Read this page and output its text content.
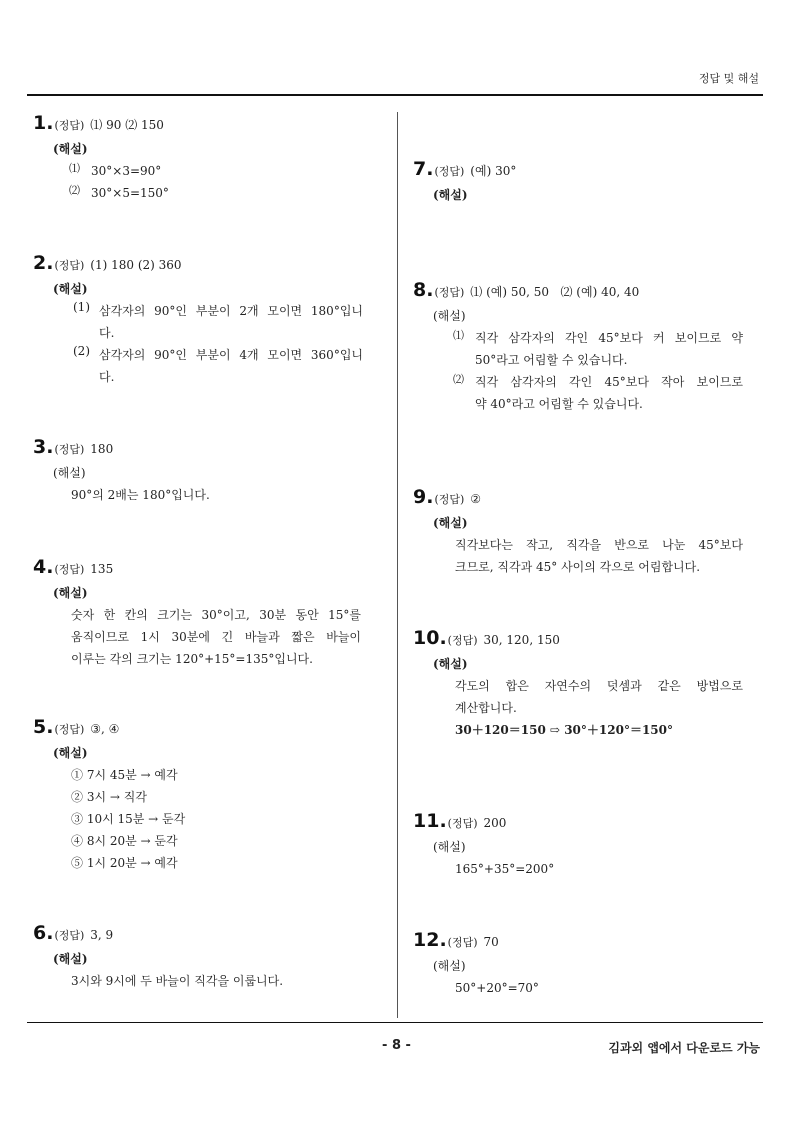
정답 및 해설
1. (정답) ⑴ 90 ⑵ 150
(해설)
⑴ 30°×3=90°
⑵ 30°×5=150°
2. (정답) (1) 180 (2) 360
(해설)
(1) 삼각자의 90°인 부분이 2개 모이면 180°입니
다.
(2) 삼각자의 90°인 부분이 4개 모이면 360°입니
다.
3. (정답) 180
(해설)
90°의 2배는 180°입니다.
4. (정답) 135
(해설)
숫자 한 칸의 크기는 30°이고, 30분 동안 15°를
움직이므로 1시 30분에 긴 바늘과 짧은 바늘이
이루는 각의 크기는 120°+15°=135°입니다.
5. (정답) ③, ④
(해설)
① 7시 45분 → 예각
② 3시 → 직각
③ 10시 15분 → 둔각
④ 8시 20분 → 둔각
⑤ 1시 20분 → 예각
6. (정답) 3, 9
(해설)
3시와 9시에 두 바늘이 직각을 이룹니다.
7. (정답) (예) 30°
(해설)
8. (정답) ⑴ (예) 50, 50   ⑵ (예) 40, 40
(해설)
⑴ 직각 삼각자의 각인 45°보다 커 보이므로 약
50°라고 어림할 수 있습니다.
⑵ 직각 삼각자의 각인 45°보다 작아 보이므로
약 40°라고 어림할 수 있습니다.
9. (정답) ②
(해설)
직각보다는 작고, 직각을 반으로 나눈 45°보다
크므로, 직각과 45° 사이의 각으로 어림합니다.
10. (정답) 30, 120, 150
(해설)
각도의 합은 자연수의 덧셈과 같은 방법으로
계산합니다.
30＋120＝150 ⇨ 30°＋120°＝150°
11. (정답) 200
(해설)
165°+35°=200°
12. (정답) 70
(해설)
50°+20°=70°
- 8 -	김과외 앱에서 다운로드 가능
